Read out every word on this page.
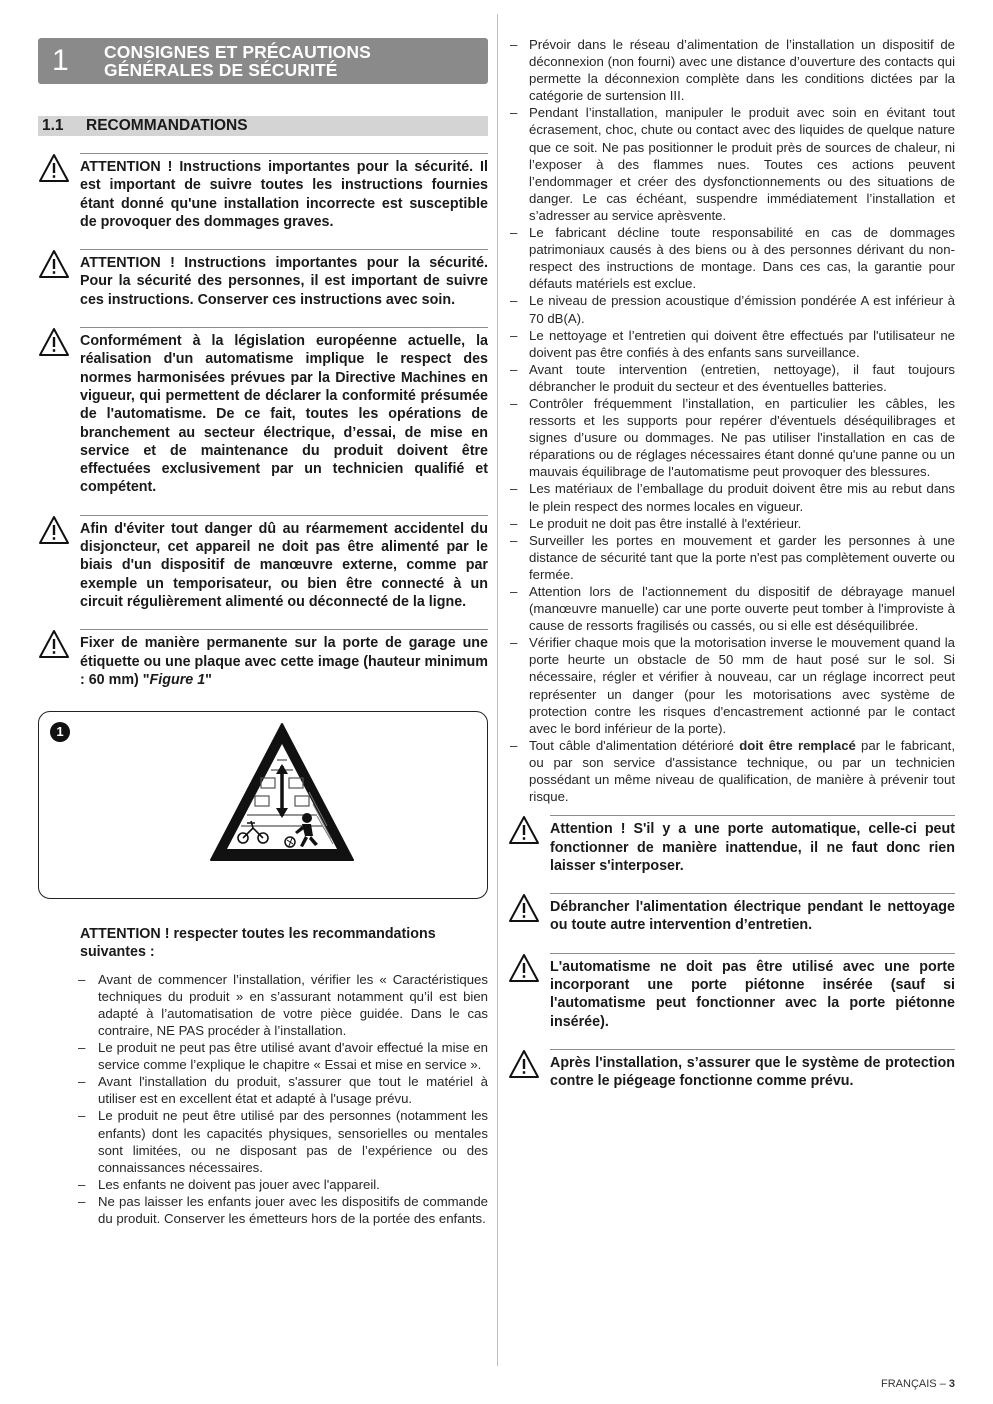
1 CONSIGNES ET PRÉCAUTIONS
GÉNÉRALES DE SÉCURITÉ
1.1 RECOMMANDATIONS

ATTENTION ! Instructions importantes pour la sécurité. Il est important de suivre toutes les instructions fournies étant donné qu'une installation incorrecte est susceptible de provoquer des dommages graves.

ATTENTION ! Instructions importantes pour la sécurité. Pour la sécurité des personnes, il est important de suivre ces instructions. Conserver ces instructions avec soin.

Conformément à la législation européenne actuelle, la réalisation d'un automatisme implique le respect des normes harmonisées prévues par la Directive Machines en vigueur, qui permettent de déclarer la conformité présumée de l'automatisme. De ce fait, toutes les opérations de branchement au secteur électrique, d’essai, de mise en service et de maintenance du produit doivent être effectuées exclusivement par un technicien qualifié et compétent.

Afin d'éviter tout danger dû au réarmement accidentel du disjoncteur, cet appareil ne doit pas être alimenté par le biais d'un dispositif de manœuvre externe, comme par exemple un temporisateur, ou bien être connecté à un circuit régulièrement alimenté ou déconnecté de la ligne.

Fixer de manière permanente sur la porte de garage une étiquette ou une plaque avec cette image (hauteur minimum : 60 mm) "Figure 1"

1

ATTENTION ! respecter toutes les recommandations suivantes :

– Avant de commencer l’installation, vérifier les « Caractéristiques techniques du produit » en s’assurant notamment qu’il est bien adapté à l’automatisation de votre pièce guidée. Dans le cas contraire, NE PAS procéder à l’installation.
– Le produit ne peut pas être utilisé avant d'avoir effectué la mise en service comme l’explique le chapitre « Essai et mise en service ».
– Avant l'installation du produit, s'assurer que tout le matériel à utiliser est en excellent état et adapté à l'usage prévu.
– Le produit ne peut être utilisé par des personnes (notamment les enfants) dont les capacités physiques, sensorielles ou mentales sont limitées, ou ne disposant pas de l’expérience ou des connaissances nécessaires.
– Les enfants ne doivent pas jouer avec l'appareil.
– Ne pas laisser les enfants jouer avec les dispositifs de commande du produit. Conserver les émetteurs hors de la portée des enfants.
– Prévoir dans le réseau d’alimentation de l’installation un dispositif de déconnexion (non fourni) avec une distance d’ouverture des contacts qui permette la déconnexion complète dans les conditions dictées par la catégorie de surtension III.
– Pendant l’installation, manipuler le produit avec soin en évitant tout écrasement, choc, chute ou contact avec des liquides de quelque nature que ce soit. Ne pas positionner le produit près de sources de chaleur, ni l’exposer à des flammes nues. Toutes ces actions peuvent l’endommager et créer des dysfonctionnements ou des situations de danger. Le cas échéant, suspendre immédiatement l’installation et s’adresser au service aprèsvente.
– Le fabricant décline toute responsabilité en cas de dommages patrimoniaux causés à des biens ou à des personnes dérivant du non-respect des instructions de montage. Dans ces cas, la garantie pour défauts matériels est exclue.
– Le niveau de pression acoustique d’émission pondérée A est inférieur à 70 dB(A).
– Le nettoyage et l’entretien qui doivent être effectués par l'utilisateur ne doivent pas être confiés à des enfants sans surveillance.
– Avant toute intervention (entretien, nettoyage), il faut toujours débrancher le produit du secteur et des éventuelles batteries.
– Contrôler fréquemment l’installation, en particulier les câbles, les ressorts et les supports pour repérer d'éventuels déséquilibrages et signes d’usure ou dommages. Ne pas utiliser l'installation en cas de réparations ou de réglages nécessaires étant donné qu'une panne ou un mauvais équilibrage de l'automatisme peut provoquer des blessures.
– Les matériaux de l’emballage du produit doivent être mis au rebut dans le plein respect des normes locales en vigueur.
– Le produit ne doit pas être installé à l'extérieur.
– Surveiller les portes en mouvement et garder les personnes à une distance de sécurité tant que la porte n'est pas complètement ouverte ou fermée.
– Attention lors de l'actionnement du dispositif de débrayage manuel (manœuvre manuelle) car une porte ouverte peut tomber à l'improviste à cause de ressorts fragilisés ou cassés, ou si elle est déséquilibrée.
– Vérifier chaque mois que la motorisation inverse le mouvement quand la porte heurte un obstacle de 50 mm de haut posé sur le sol. Si nécessaire, régler et vérifier à nouveau, car un réglage incorrect peut représenter un danger (pour les motorisations avec système de protection contre les risques d'encastrement actionné par le contact avec le bord inférieur de la porte).
– Tout câble d'alimentation détérioré doit être remplacé par le fabricant, ou par son service d'assistance technique, ou par un technicien possédant un même niveau de qualification, de manière à prévenir tout risque.

Attention ! S'il y a une porte automatique, celle-ci peut fonctionner de manière inattendue, il ne faut donc rien laisser s'interposer.

Débrancher l'alimentation électrique pendant le nettoyage ou toute autre intervention d’entretien.

L'automatisme ne doit pas être utilisé avec une porte incorporant une porte piétonne insérée (sauf si l'automatisme peut fonctionner avec la porte piétonne insérée).

Après l'installation, s’assurer que le système de protection contre le piégeage fonctionne comme prévu.

FRANÇAIS – 3
